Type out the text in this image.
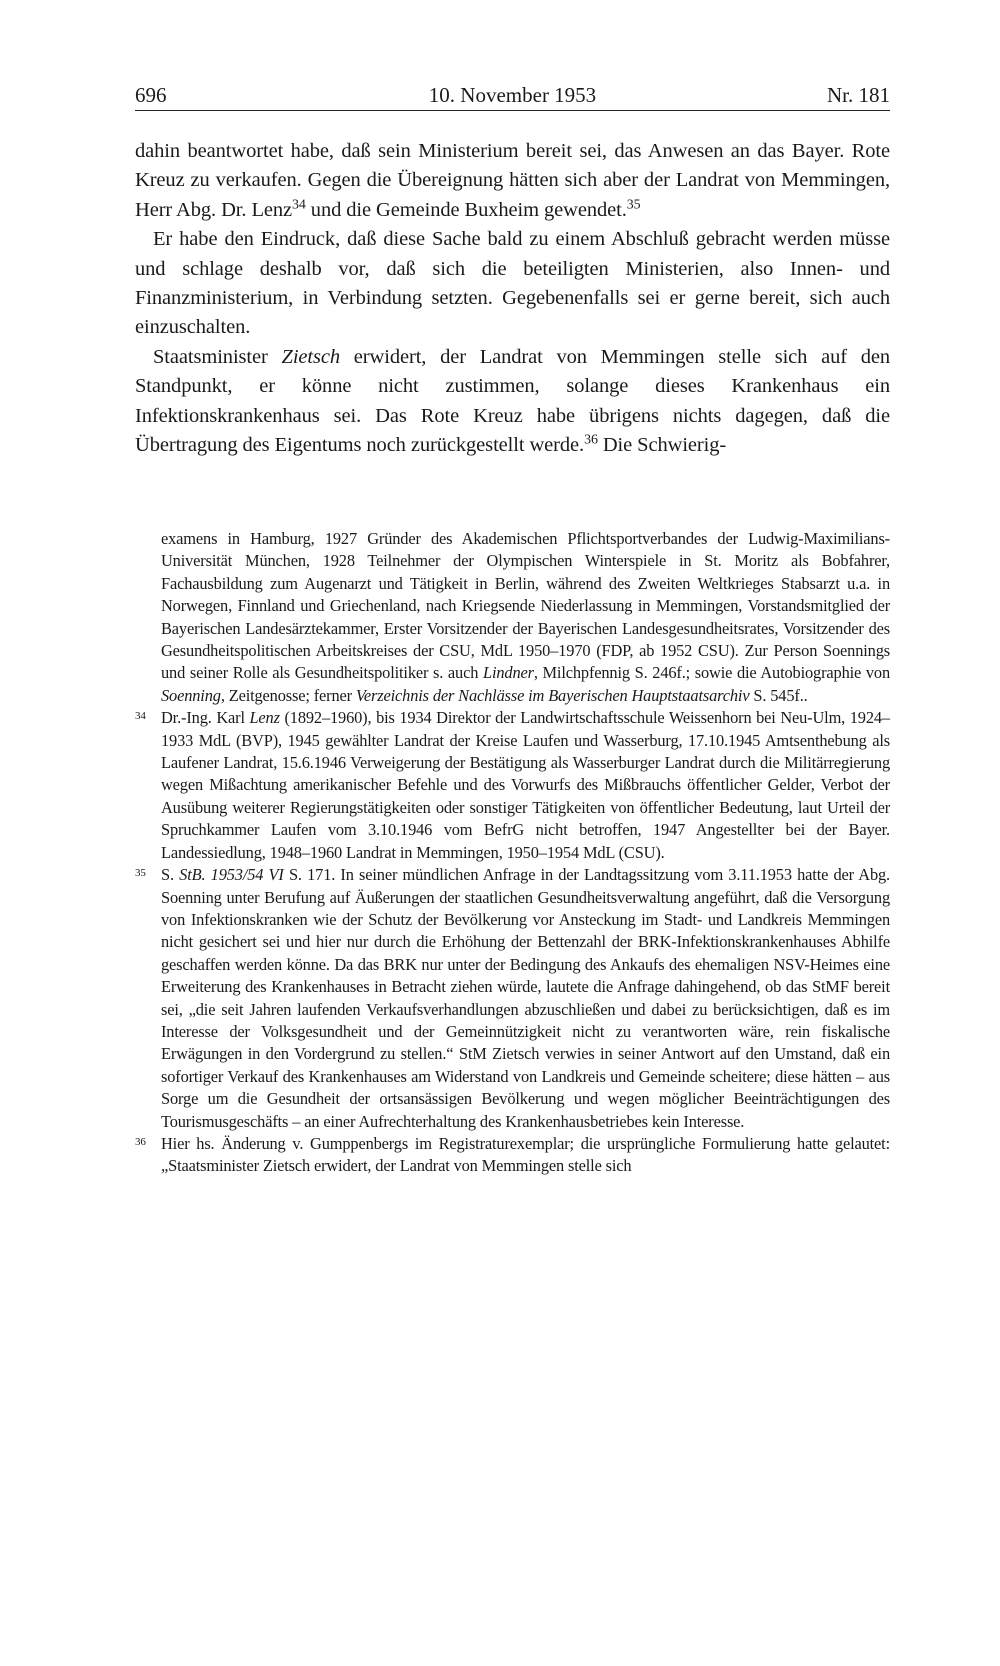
696	10. November 1953	Nr. 181

dahin beantwortet habe, daß sein Ministerium bereit sei, das Anwesen an das Bayer. Rote Kreuz zu verkaufen. Gegen die Übereignung hätten sich aber der Landrat von Memmingen, Herr Abg. Dr. Lenz$^{34}$ und die Gemeinde Buxheim gewendet.$^{35}$

Er habe den Eindruck, daß diese Sache bald zu einem Abschluß gebracht werden müsse und schlage deshalb vor, daß sich die beteiligten Ministerien, also Innen- und Finanzministerium, in Verbindung setzten. Gegebenenfalls sei er gerne bereit, sich auch einzuschalten.

Staatsminister Zietsch erwidert, der Landrat von Memmingen stelle sich auf den Standpunkt, er könne nicht zustimmen, solange dieses Krankenhaus ein Infektionskrankenhaus sei. Das Rote Kreuz habe übrigens nichts dagegen, daß die Übertragung des Eigentums noch zurückgestellt werde.$^{36}$ Die Schwierig-

examens in Hamburg, 1927 Gründer des Akademischen Pflichtsportverbandes der Ludwig-Maximilians-Universität München, 1928 Teilnehmer der Olympischen Winterspiele in St. Moritz als Bobfahrer, Fachausbildung zum Augenarzt und Tätigkeit in Berlin, während des Zweiten Weltkrieges Stabsarzt u.a. in Norwegen, Finnland und Griechenland, nach Kriegsende Niederlassung in Memmingen, Vorstandsmitglied der Bayerischen Landesärztekammer, Erster Vorsitzender der Bayerischen Landesgesundheitsrates, Vorsitzender des Gesundheitspolitischen Arbeitskreises der CSU, MdL 1950–1970 (FDP, ab 1952 CSU). Zur Person Soennings und seiner Rolle als Gesundheitspolitiker s. auch Lindner, Milchpfennig S. 246f.; sowie die Autobiographie von Soenning, Zeitgenosse; ferner Verzeichnis der Nachlässe im Bayerischen Hauptstaatsarchiv S. 545f..

34 Dr.-Ing. Karl Lenz (1892–1960), bis 1934 Direktor der Landwirtschaftsschule Weissenhorn bei Neu-Ulm, 1924–1933 MdL (BVP), 1945 gewählter Landrat der Kreise Laufen und Wasserburg, 17.10.1945 Amtsenthebung als Laufener Landrat, 15.6.1946 Verweigerung der Bestätigung als Wasserburger Landrat durch die Militärregierung wegen Mißachtung amerikanischer Befehle und des Vorwurfs des Mißbrauchs öffentlicher Gelder, Verbot der Ausübung weiterer Regierungstätigkeiten oder sonstiger Tätigkeiten von öffentlicher Bedeutung, laut Urteil der Spruchkammer Laufen vom 3.10.1946 vom BefrG nicht betroffen, 1947 Angestellter bei der Bayer. Landessiedlung, 1948–1960 Landrat in Memmingen, 1950–1954 MdL (CSU).

35 S. StB. 1953/54 VI S. 171. In seiner mündlichen Anfrage in der Landtagssitzung vom 3.11.1953 hatte der Abg. Soenning unter Berufung auf Äußerungen der staatlichen Gesundheitsverwaltung angeführt, daß die Versorgung von Infektionskranken wie der Schutz der Bevölkerung vor Ansteckung im Stadt- und Landkreis Memmingen nicht gesichert sei und hier nur durch die Erhöhung der Bettenzahl der BRK-Infektionskrankenhauses Abhilfe geschaffen werden könne. Da das BRK nur unter der Bedingung des Ankaufs des ehemaligen NSV-Heimes eine Erweiterung des Krankenhauses in Betracht ziehen würde, lautete die Anfrage dahingehend, ob das StMF bereit sei, „die seit Jahren laufenden Verkaufsverhandlungen abzuschließen und dabei zu berücksichtigen, daß es im Interesse der Volksgesundheit und der Gemeinnützigkeit nicht zu verantworten wäre, rein fiskalische Erwägungen in den Vordergrund zu stellen.“ StM Zietsch verwies in seiner Antwort auf den Umstand, daß ein sofortiger Verkauf des Krankenhauses am Widerstand von Landkreis und Gemeinde scheitere; diese hätten – aus Sorge um die Gesundheit der ortsansässigen Bevölkerung und wegen möglicher Beeinträchtigungen des Tourismusgeschäfts – an einer Aufrechterhaltung des Krankenhausbetriebes kein Interesse.

36 Hier hs. Änderung v. Gumppenbergs im Registraturexemplar; die ursprüngliche Formulierung hatte gelautet: „Staatsminister Zietsch erwidert, der Landrat von Memmingen stelle sich
